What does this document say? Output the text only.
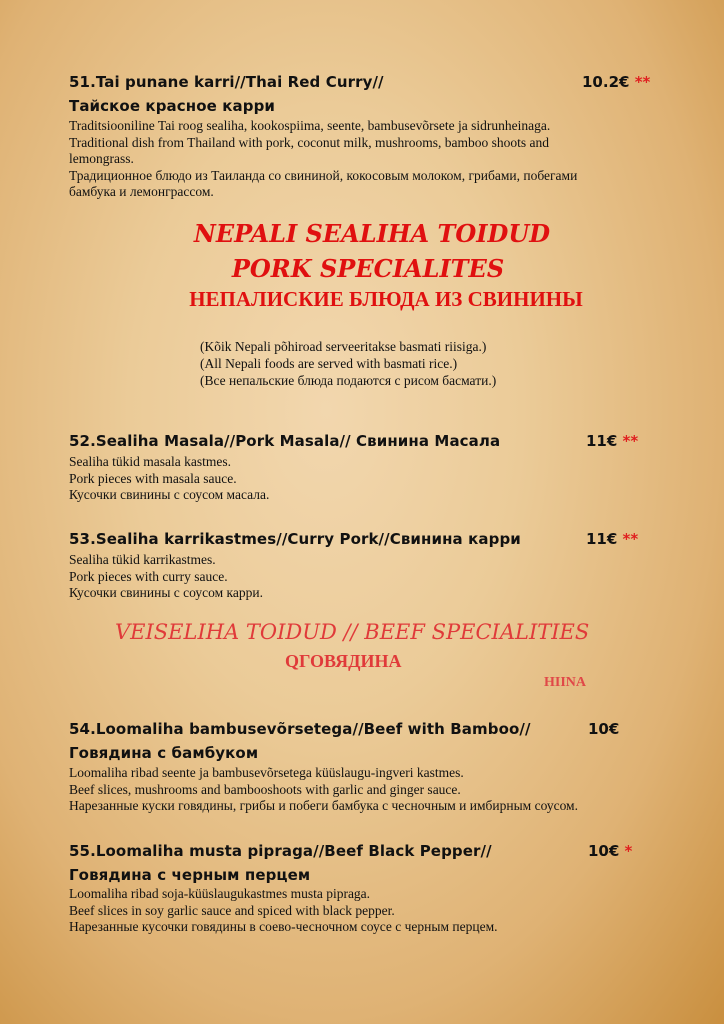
51.Tai punane karri//Thai Red Curry//	10.2€ **
Тайское красное карри
Traditsiooniline Tai roog sealiha, kookospiima, seente, bambusevõrsete ja sidrunheinaga.
Traditional dish from Thailand with pork, coconut milk, mushrooms, bamboo shoots and
lemongrass.
Традиционное блюдо из Таиланда со свининой, кокосовым молоком, грибами, побегами
бамбука и лемонграссом.
NEPALI SEALIHA TOIDUD
PORK SPECIALITES
НЕПАЛИСКИЕ БЛЮДА ИЗ СВИНИНЫ
(Kõik Nepali põhiroad serveeritakse basmati riisiga.)
(All Nepali foods are served with basmati rice.)
(Все непальские блюда подаются с рисом басмати.)
52.Sealiha Masala//Pork Masala// Свинина Масала	11€ **
Sealiha tükid masala kastmes.
Pork pieces with masala sauce.
Кусочки свинины с соусом масала.
53.Sealiha karrikastmes//Curry Pork//Свинина карри	11€ **
Sealiha tükid karrikastmes.
Pork pieces with curry sauce.
Кусочки свинины с соусом карри.
VEISELIHA TOIDUD // BEEF SPECIALITIES
QГОВЯДИНА
HIINA
54.Loomaliha bambusevõrsetega//Beef with Bamboo//	10€
Говядина с бамбуком
Loomaliha ribad seente ja bambusevõrsetega küüslaugu-ingveri kastmes.
Beef slices, mushrooms and bambooshoots with garlic and ginger sauce.
Нарезанные куски говядины, грибы и побеги бамбука с чесночным и имбирным соусом.
55.Loomaliha musta pipraga//Beef Black Pepper//	10€ *
Говядина с черным перцем
Loomaliha ribad soja-küüslaugukastmes musta pipraga.
Beef slices in soy garlic sauce and spiced with black pepper.
Нарезанные кусочки говядины в соево-чесночном соусе с черным перцем.
